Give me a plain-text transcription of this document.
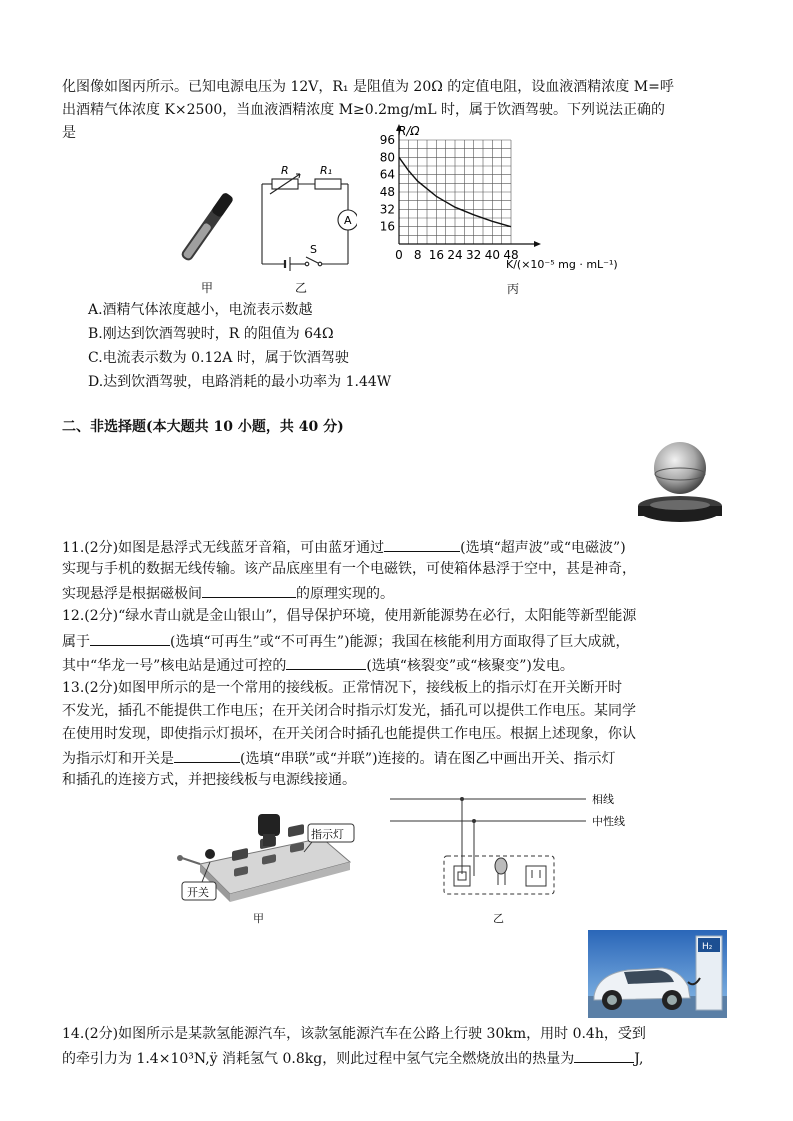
化图像如图丙所示。已知电源电压为 12V，R₁ 是阻值为 20Ω 的定值电阻，设血液酒精浓度 M=呼
出酒精气体浓度 K×2500，当血液酒精浓度 M≥0.2mg/mL 时，属于饮酒驾驶。下列说法正确的
是
甲
R	R₁
A
S
乙
96
80
64
48
32
16
0 8 16 24 32 40 48
R/Ω
K/(×10⁻⁵ mg · mL⁻¹)
丙
A.酒精气体浓度越小，电流表示数越
B.刚达到饮酒驾驶时，R 的阻值为 64Ω
C.电流表示数为 0.12A 时，属于饮酒驾驶
D.达到饮酒驾驶，电路消耗的最小功率为 1.44W
二、非选择题(本大题共 10 小题，共 40 分)
11.(2分)如图是悬浮式无线蓝牙音箱，可由蓝牙通过	(选填“超声波”或“电磁波”)
实现与手机的数据无线传输。该产品底座里有一个电磁铁，可使箱体悬浮于空中，甚是神奇，
实现悬浮是根据磁极间	的原理实现的。
12.(2分)“绿水青山就是金山银山”，倡导保护环境，使用新能源势在必行，太阳能等新型能源
属于	(选填“可再生”或“不可再生”)能源；我国在核能利用方面取得了巨大成就，
其中“华龙一号”核电站是通过可控的	(选填“核裂变”或“核聚变”)发电。
13.(2分)如图甲所示的是一个常用的接线板。正常情况下，接线板上的指示灯在开关断开时
不发光，插孔不能提供工作电压；在开关闭合时指示灯发光，插孔可以提供工作电压。某同学
在使用时发现，即使指示灯损坏，在开关闭合时插孔也能提供工作电压。根据上述现象，你认
为指示灯和开关是	(选填“串联”或“并联”)连接的。请在图乙中画出开关、指示灯
和插孔的连接方式，并把接线板与电源线接通。
指示灯
开关
甲
相线
中性线
乙
H₂
14.(2分)如图所示是某款氢能源汽车，该款氢能源汽车在公路上行驶 30km，用时 0.4h，受到
的牵引力为 1.4×10³N,ÿ 消耗氢气 0.8kg，则此过程中氢气完全燃烧放出的热量为	J,
